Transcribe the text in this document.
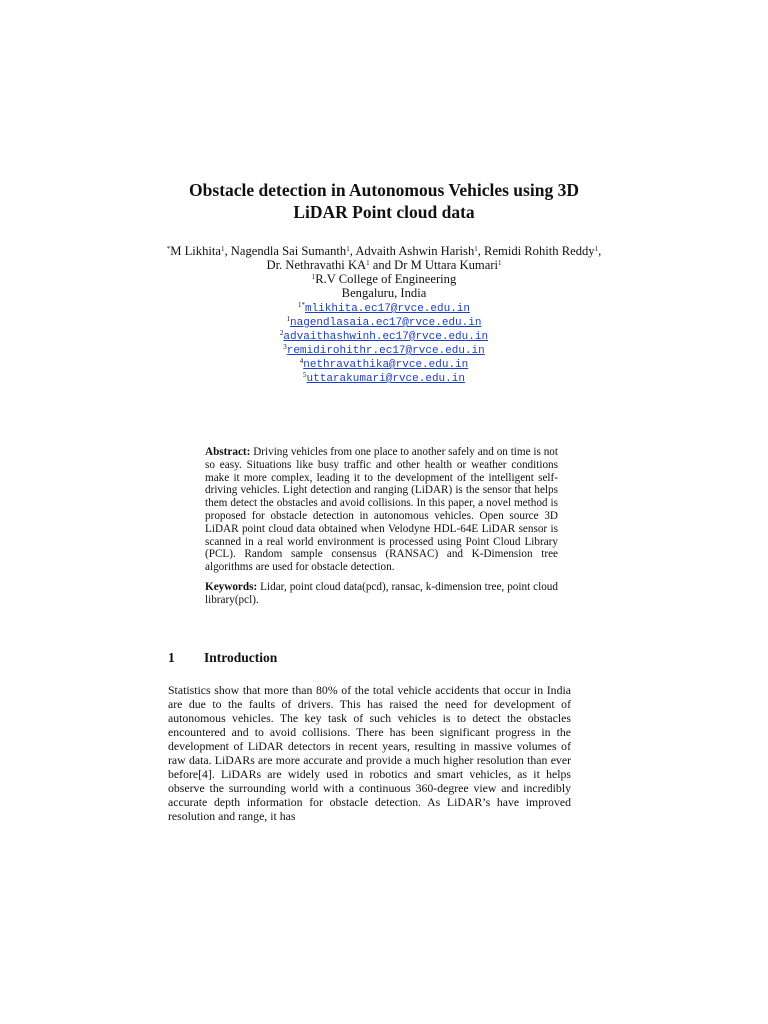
Obstacle detection in Autonomous Vehicles using 3D
LiDAR Point cloud data
*M Likhita$^1$, Nagendla Sai Sumanth$^1$, Advaith Ashwin Harish$^1$, Remidi Rohith Reddy$^1$,
Dr. Nethravathi $KA^1$ and Dr M Uttara Kumari$^1$
$^1$R.V College of Engineering
Bengaluru, India
$^{1*}$mlikhita.ec17@rvce.edu.in
$^1$nagendlasaia.ec17@rvce.edu.in
$^2$advaithashwinh.ec17@rvce.edu.in
$^3$remidirohithr.ec17@rvce.edu.in
$^4$nethravathika@rvce.edu.in
$^5$uttarakumari@rvce.edu.in

Abstract: Driving vehicles from one place to another safely and on time is not so easy. Situations like busy traffic and other health or weather conditions make it more complex, leading it to the development of the intelligent self-driving vehicles. Light detection and ranging (LiDAR) is the sensor that helps them detect the obstacles and avoid collisions. In this paper, a novel method is proposed for obstacle detection in autonomous vehicles. Open source 3D LiDAR point cloud data obtained when Velodyne HDL-64E LiDAR sensor is scanned in a real world environment is processed using Point Cloud Library (PCL). Random sample consensus (RANSAC) and K-Dimension tree algorithms are used for obstacle detection.

Keywords: Lidar, point cloud data(pcd), ransac, k-dimension tree, point cloud library(pcl).

1 Introduction

Statistics show that more than 80% of the total vehicle accidents that occur in India are due to the faults of drivers. This has raised the need for development of autonomous vehicles. The key task of such vehicles is to detect the obstacles encountered and to avoid collisions. There has been significant progress in the development of LiDAR detectors in recent years, resulting in massive volumes of raw data. LiDARs are more accurate and provide a much higher resolution than ever before[4]. LiDARs are widely used in robotics and smart vehicles, as it helps observe the surrounding world with a continuous 360-degree view and incredibly accurate depth information for obstacle detection. As LiDAR’s have improved resolution and range, it has
